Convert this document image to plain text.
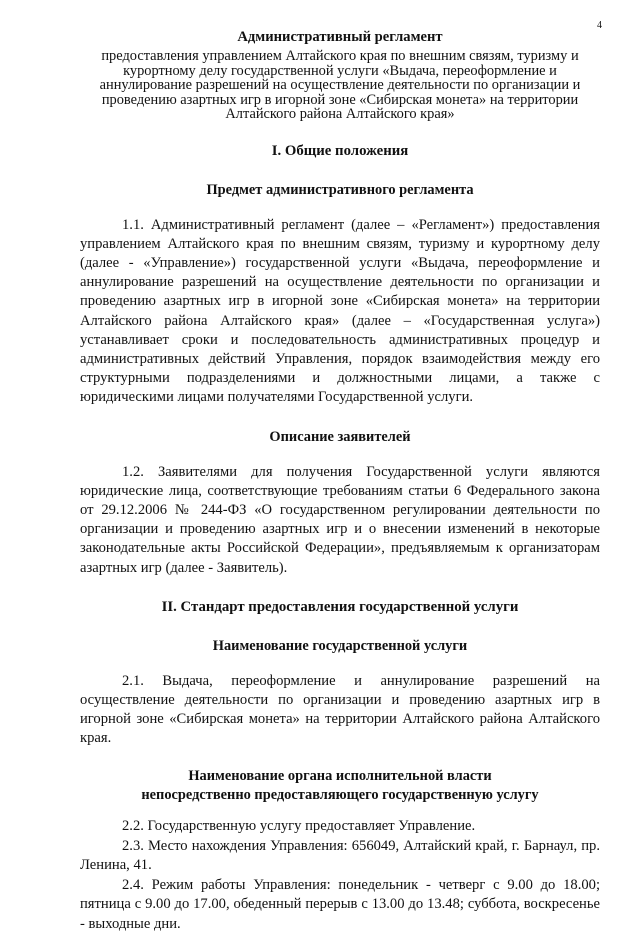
4
Административный регламент

предоставления управлением Алтайского края по внешним связям, туризму и

курортному делу государственной услуги «Выдача, переоформление и

аннулирование разрешений на осуществление деятельности по организации и

проведению азартных игр в игорной зоне «Сибирская монета» на территории

Алтайского района Алтайского края»

I. Общие положения
Предмет административного регламента
1.1. Административный регламент (далее – «Регламент») предоставления управлением Алтайского края по внешним связям, туризму и курортному делу (далее - «Управление») государственной услуги «Выдача, переоформление и аннулирование разрешений на осуществление деятельности по организации и проведению азартных игр в игорной зоне «Сибирская монета» на территории Алтайского района Алтайского края» (далее – «Государственная услуга») устанавливает сроки и последовательность административных процедур и административных действий Управления, порядок взаимодействия между его структурными подразделениями и должностными лицами, а также с юридическими лицами получателями Государственной услуги.
Описание заявителей
1.2. Заявителями для получения Государственной услуги являются юридические лица, соответствующие требованиям статьи 6 Федерального закона от 29.12.2006 № 244-ФЗ «О государственном регулировании деятельности по организации и проведению азартных игр и о внесении изменений в некоторые законодательные акты Российской Федерации», предъявляемым к организаторам азартных игр (далее - Заявитель).
II. Стандарт предоставления государственной услуги
Наименование государственной услуги
2.1. Выдача, переоформление и аннулирование разрешений на осуществление деятельности по организации и проведению азартных игр в игорной зоне «Сибирская монета» на территории Алтайского района Алтайского края.

Наименование органа исполнительной власти

непосредственно предоставляющего государственную услугу

2.2. Государственную услугу предоставляет Управление.
2.3. Место нахождения Управления: 656049, Алтайский край, г. Барнаул, пр. Ленина, 41.
2.4. Режим работы Управления: понедельник - четверг с 9.00 до 18.00; пятница с 9.00 до 17.00, обеденный перерыв с 13.00 до 13.48; суббота, воскресенье - выходные дни.
